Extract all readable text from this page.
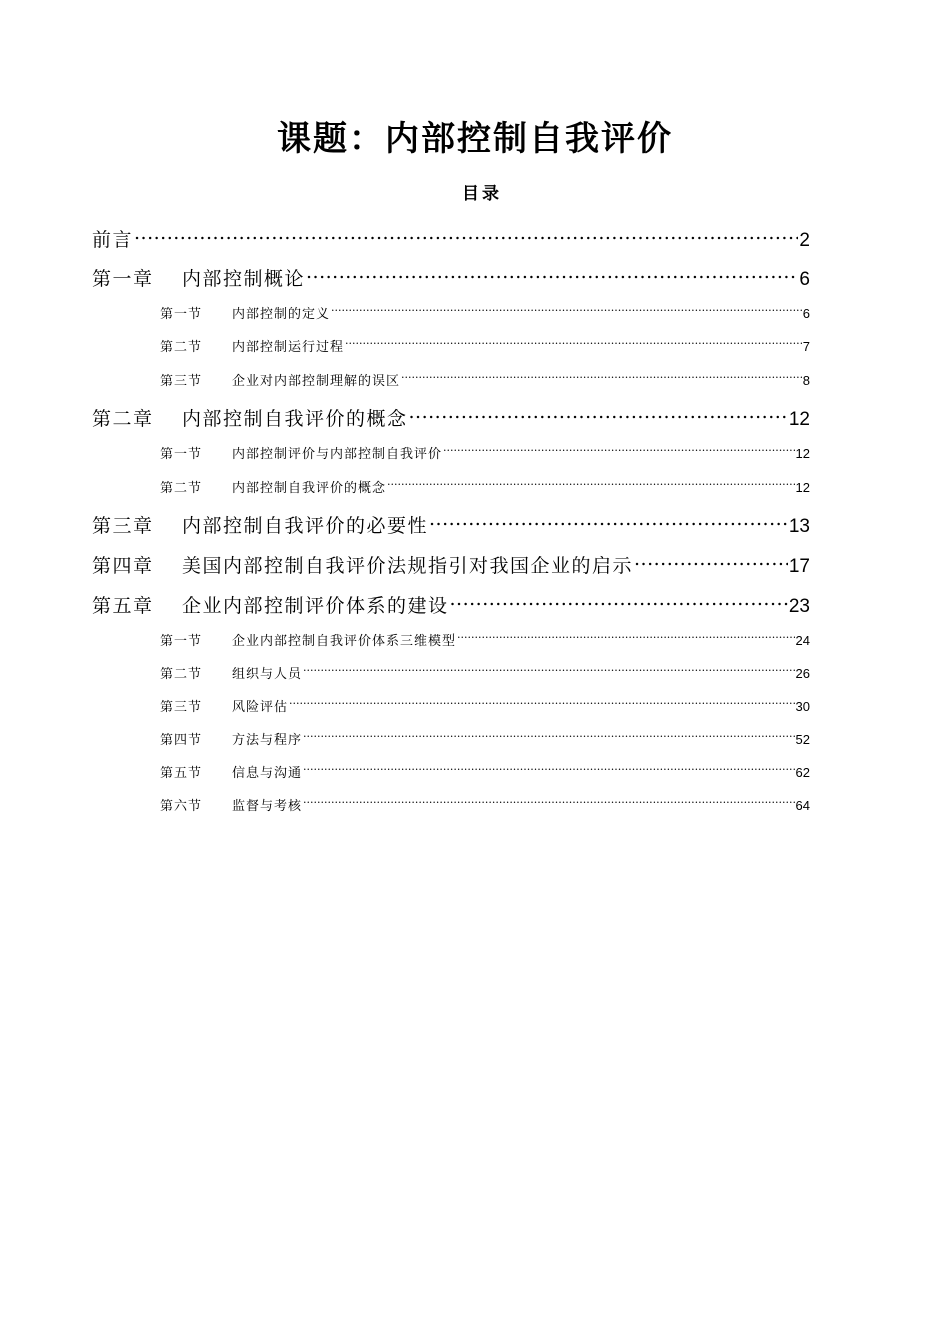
课题：内部控制自我评价
目录
前言 .....	2
第一章	内部控制概论 .....	6
第一节	内部控制的定义 .....	6
第二节	内部控制运行过程 .....	7
第三节	企业对内部控制理解的误区 .....	8
第二章	内部控制自我评价的概念 .....	12
第一节	内部控制评价与内部控制自我评价 .....	12
第二节	内部控制自我评价的概念 .....	12
第三章	内部控制自我评价的必要性 .....	13
第四章	美国内部控制自我评价法规指引对我国企业的启示 .....	17
第五章	企业内部控制评价体系的建设 .....	23
第一节	企业内部控制自我评价体系三维模型 .....	24
第二节	组织与人员 .....	26
第三节	风险评估 .....	30
第四节	方法与程序 .....	52
第五节	信息与沟通 .....	62
第六节	监督与考核 .....	64
